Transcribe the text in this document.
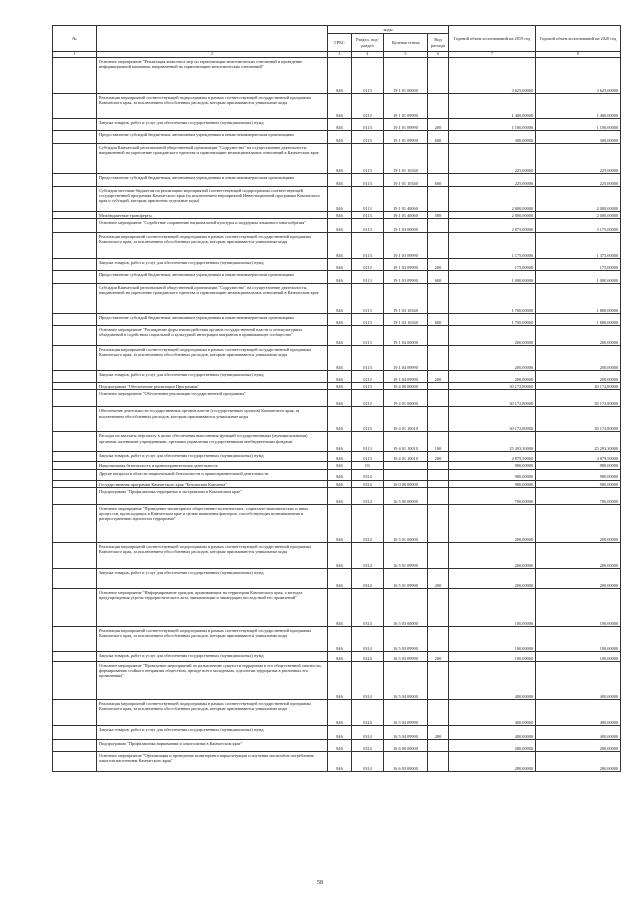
№		коды				Годовой объем ассигнований на 2019 год	Годовой объем ассигнований на 2020 год
		ГРБС	Раздел, под-раздел	Целевая статья	Вид расхода		
1	2	3	4	5	6	7	8
	Основное мероприятие "Реализация комплекса мер по гармонизации межэтнических отношений и проведение информационной кампании, направленной на гармонизацию межэтнических отношений"	846	0113	19 1 01 00000		3 625,00000	3 625,00000
	Реализация мероприятий соответствующей подпрограммы в рамках соответствующей государственной программы Камчатского края, за исключением обособленных расходов, которым присваиваются уникальные коды	846	0113	19 1 01 09990		1 400,00000	1 400,00000
	Закупка товаров, работ и услуг для обеспечения государственных (муниципальных) нужд	846	0113	19 1 01 09990	200	1 100,00000	1 100,00000
	Предоставление субсидий бюджетным, автономным учреждениям и иным некоммерческим организациям	846	0113	19 1 01 09990	600	300,00000	300,00000
	Субсидия Камчатской региональной общественной организации "Содружество" на осуществление деятельности, направленной на укрепление гражданского единства и гармонизацию межнациональных отношений в Камчатском крае	846	0113	19 1 01 10340		225,00000	225,00000
	Предоставление субсидий бюджетным, автономным учреждениям и иным некоммерческим организациям	846	0113	19 1 01 10340	600	225,00000	225,00000
	Субсидии местным бюджетам на реализацию мероприятий соответствующей подпрограммы соответствующей государственной программы Камчатского края (за исключением мероприятий Инвестиционной программы Камчатского края и субсидий, которым присвоены отдельные коды)	846	0113	19 1 01 40060		2 000,00000	2 000,00000
	Межбюджетные трансферты	846	0113	19 1 01 40060	500	2 000,00000	2 000,00000
	Основное мероприятие "Содействие сохранению национальной культуры и поддержка языкового многообразия"	846	0113	19 1 03 00000		2 875,00000	3 175,00000
	Реализация мероприятий соответствующей подпрограммы в рамках соответствующей государственной программы Камчатского края, за исключением обособленных расходов, которым присваиваются уникальные коды	846	0113	19 1 03 09990		1 175,00000	1 375,00000
	Закупка товаров, работ и услуг для обеспечения государственных (муниципальных) нужд	846	0113	19 1 03 09990	200	175,00000	175,00000
	Предоставление субсидий бюджетным, автономным учреждениям и иным некоммерческим организациям	846	0113	19 1 03 09990	600	1 000,00000	1 000,00000
	Субсидия Камчатской региональной общественной организации "Содружество" на осуществление деятельности, направленной на укрепление гражданского единства и гармонизацию межнациональных отношений в Камчатском крае	846	0113	19 1 03 10340		1 700,00000	1 800,00000
	Предоставление субсидий бюджетным, автономным учреждениям и иным некоммерческим организациям	846	0113	19 1 03 10340	600	1 700,00000	1 800,00000
	Основное мероприятие "Расширение форм взаимодействия органов государственной власти и этнокультурных объединений в содействии социальной и культурной интеграции мигрантов в принимающее сообщество"	846	0113	19 1 04 00000		200,00000	200,00000
	Реализация мероприятий соответствующей подпрограммы в рамках соответствующей государственной программы Камчатского края, за исключением обособленных расходов, которым присваиваются уникальные коды	846	0113	19 1 04 09990		200,00000	200,00000
	Закупка товаров, работ и услуг для обеспечения государственных (муниципальных) нужд	846	0113	19 1 04 09990	200	200,00000	200,00000
	Подпрограмма "Обеспечение реализации Программы"	846	0113	19 4 00 00000		30 172,80000	30 172,80000
	Основное мероприятие "Обеспечение реализации государственной программы"	846	0113	19 4 01 00000		30 172,80000	30 172,80000
	Обеспечение деятельности государственных органов власти (государственных органов) Камчатского края, за исключением обособленных расходов, которым присваиваются уникальные коды	846	0113	19 4 01 10010		30 172,80000	30 172,80000
	Расходы на выплаты персоналу в целях обеспечения выполнения функций государственными (муниципальными) органами, казенными учреждениями, органами управления государственными внебюджетными фондами	846	0113	19 4 01 10010	100	25 293,30000	25 293,30000
	Закупка товаров, работ и услуг для обеспечения государственных (муниципальных) нужд	846	0113	19 4 01 10010	200	4 879,50000	4 879,50000
	Национальная безопасность и правоохранительная деятельность	846	03			980,00000	980,00000
	Другие вопросы в области национальной безопасности и правоохранительной деятельности	846	0314			980,00000	980,00000
	Государственная программа Камчатского края "Безопасная Камчатка"	846	0314	16 0 00 00000		980,00000	980,00000
	Подпрограмма "Профилактика терроризма и экстремизма в Камчатском крае"	846	0314	16 5 00 00000		700,00000	700,00000
	Основное мероприятие "Проведение мониторинга общественно-политических, социально-экономических и иных процессов, происходящих в Камчатском крае и целью выявления факторов, способствующих возникновению и распространению идеологии терроризма"	846	0314	16 5 01 00000		200,00000	200,00000
	Реализация мероприятий соответствующей подпрограммы в рамках соответствующей государственной программы Камчатского края, за исключением обособленных расходов, которым присваиваются уникальные коды	846	0314	16 5 01 09990		200,00000	200,00000
	Закупка товаров, работ и услуг для обеспечения государственных (муниципальных) нужд	846	0314	16 5 01 09990	200	200,00000	200,00000
	Основное мероприятие "Информирование граждан, проживающих на территории Камчатского края, о методах предупреждения угрозы террористического акта, минимизации и ликвидации последствий его проявлений"	846	0314	16 5 03 00000		100,00000	100,00000
	Реализация мероприятий соответствующей подпрограммы в рамках соответствующей государственной программы Камчатского края, за исключением обособленных расходов, которым присваиваются уникальные коды	846	0314	16 5 03 09990		100,00000	100,00000
	Закупка товаров, работ и услуг для обеспечения государственных (муниципальных) нужд	846	0314	16 5 03 09990	200	100,00000	100,00000
	Основное мероприятие "Проведение мероприятий по разъяснению сущности терроризма и его общественной опасности, формированию стойкого неприятия обществом, прежде всего молодежью, идеологии терроризма в различных его проявлениях"	846	0314	16 5 04 00000		400,00000	400,00000
	Реализация мероприятий соответствующей подпрограммы в рамках соответствующей государственной программы Камчатского края, за исключением обособленных расходов, которым присваиваются уникальные коды	846	0314	16 5 04 09990		400,00000	400,00000
	Закупка товаров, работ и услуг для обеспечения государственных (муниципальных) нужд	846	0314	16 5 04 09990	200	400,00000	400,00000
	Подпрограмма "Профилактика наркомании и алкоголизма в Камчатском крае"	846	0314	16 6 00 00000		280,00000	280,00000
	Основное мероприятие "Организация и проведение мониторинга наркоситуации и изучения масштабов потребления алкоголя населением Камчатского края"	846	0314	16 6 03 00000		280,00000	280,00000
58
